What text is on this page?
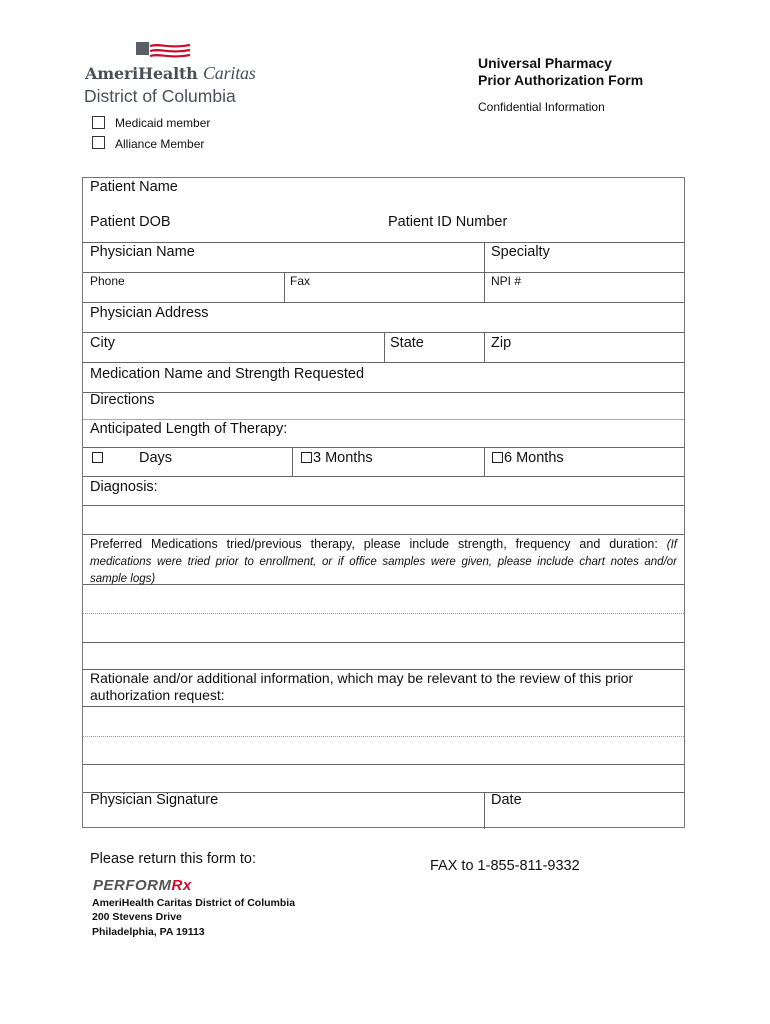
AmeriHealth Caritas
District of Columbia
Universal Pharmacy
Prior Authorization Form
Confidential Information
Medicaid member
Alliance Member
Patient Name
Patient DOB	Patient ID Number
Physician Name	Specialty
Phone	Fax	NPI #
Physician Address
City	State	Zip
Medication Name and Strength Requested
Directions
Anticipated Length of Therapy:
Days	3 Months	6 Months
Diagnosis:
Preferred Medications tried/previous therapy, please include strength, frequency and duration: (If medications were tried prior to enrollment, or if office samples were given, please include chart notes and/or sample logs)
Rationale and/or additional information, which may be relevant to the review of this prior authorization request:
Physician Signature	Date
Please return this form to:	FAX to 1-855-811-9332
PERFORMRx
AmeriHealth Caritas District of Columbia
200 Stevens Drive
Philadelphia, PA 19113
